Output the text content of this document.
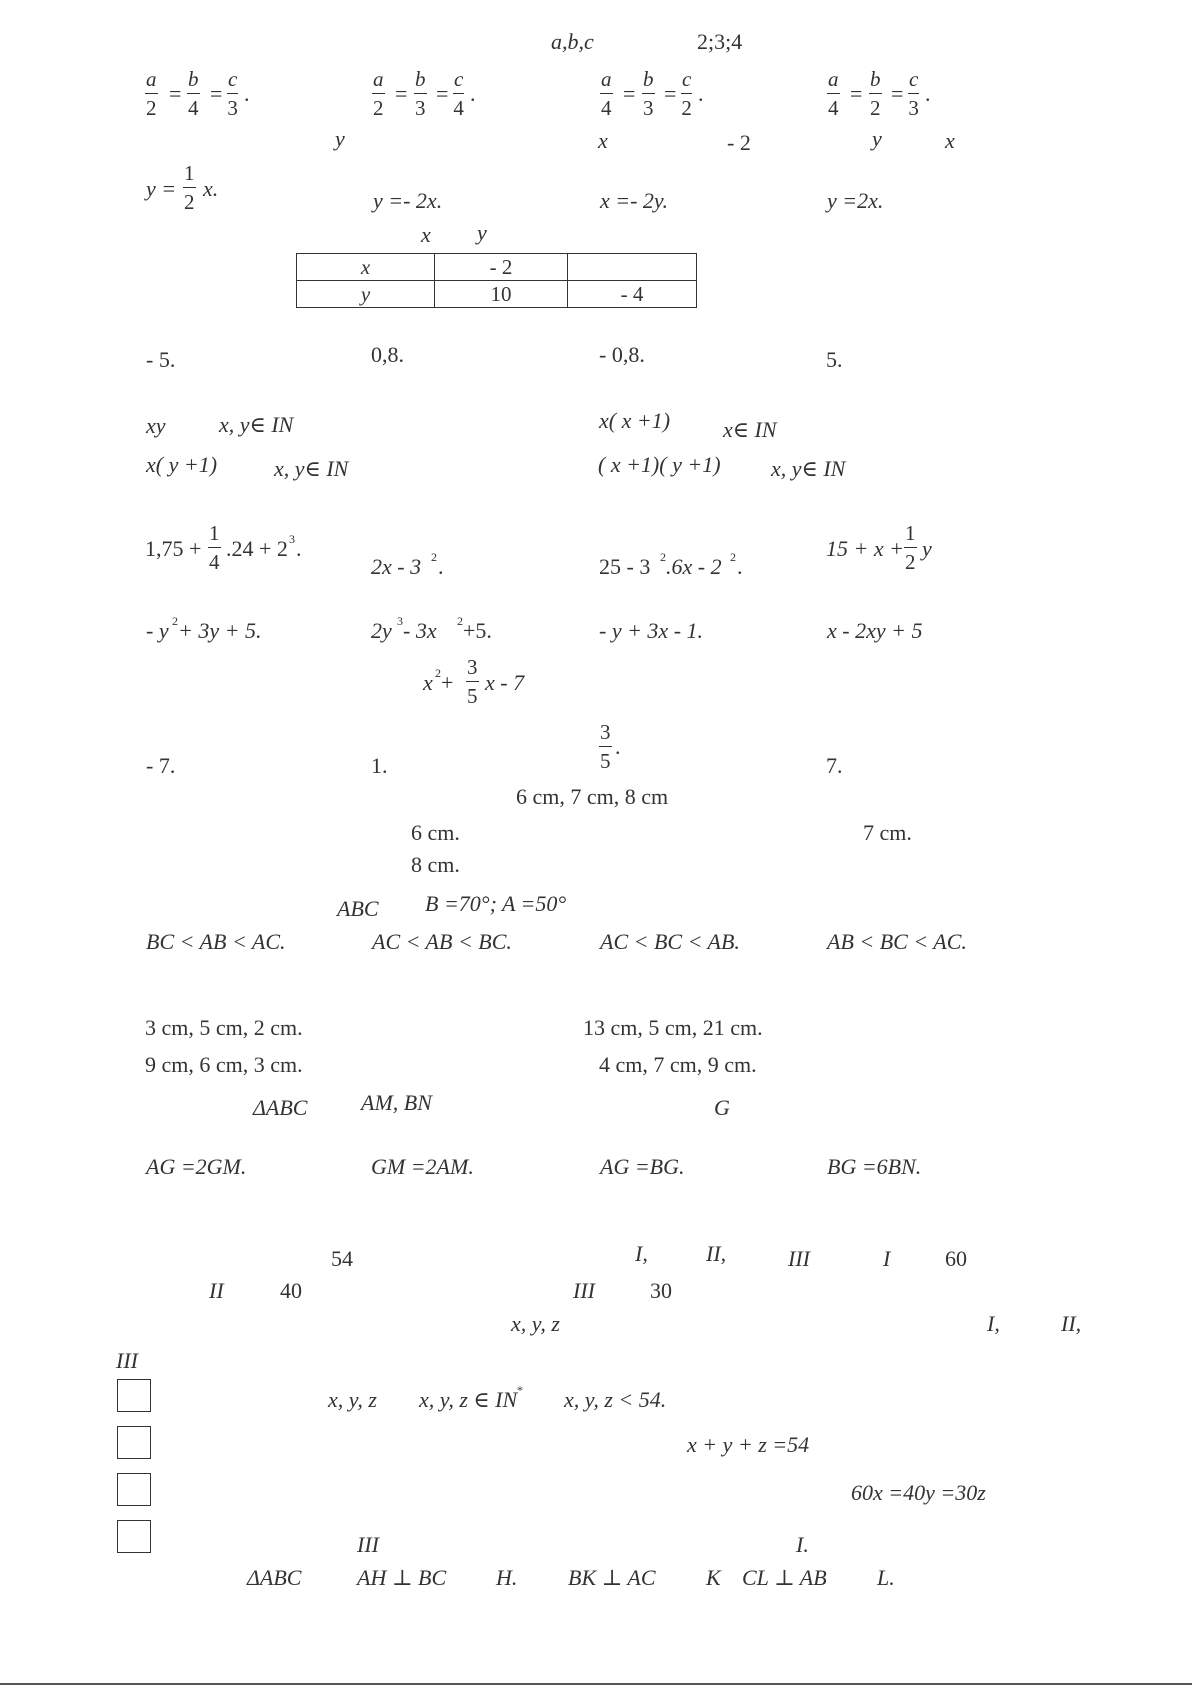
a,b,c	2;3;4
$\frac{a}{2} = \frac{b}{4} = \frac{c}{3}$ .	$\frac{a}{2} = \frac{b}{3} = \frac{c}{4}$ .	$\frac{a}{4} = \frac{b}{3} = \frac{c}{2}$ .	$\frac{a}{4} = \frac{b}{2} = \frac{c}{3}$ .
y	x	- 2	y	x
$y = \frac{1}{2} x$.	y =- 2x.	x =- 2y.	y =2x.
x y
x	- 2	
y	10	- 4
- 5.	0,8.	- 0,8.	5.
xy x, y∈ IN	x( x +1) x∈ IN
x( y +1)	x, y∈ IN	( x +1)( y +1) x, y∈ IN
$1,75 + \frac{1}{4} .24 + 2$ 3 .
2x - 3 2 .	25 - 3 2 .6x - 2 2 .
$15 + x + \frac{1}{2}$ y
- y 2 + 3y + 5.	2y 3 - 3x 2 +5.	- y + 3x - 1.	x - 2xy + 5
x $2 + \frac{3}{5}$ x - 7
- 7.	1.	$\frac{3}{5}$ .
7.
6 cm, 7 cm, 8 cm
6 cm.	7 cm.
8 cm.
ABC B =70°; A =50°
BC < AB < AC.	AC < AB < BC.	AC < BC < AB.	AB < BC < AC.
3 cm, 5 cm, 2 cm.	13 cm, 5 cm, 21 cm.
9 cm, 6 cm, 3 cm.	4 cm, 7 cm, 9 cm.
ΔABC AM, BN	G
AG =2GM.	GM =2AM.	AG =BG.	BG =6BN.
54	I,	II,	III	I 60
II	40	III	30
x, y, z	I,	II,
III
x, y, z x, y, z ∈ IN * x, y, z < 54.
x + y + z =54
60x =40y =30z
III	I.
ΔABC	AH ⊥ BC H. BK ⊥ AC K CL ⊥ AB L.
